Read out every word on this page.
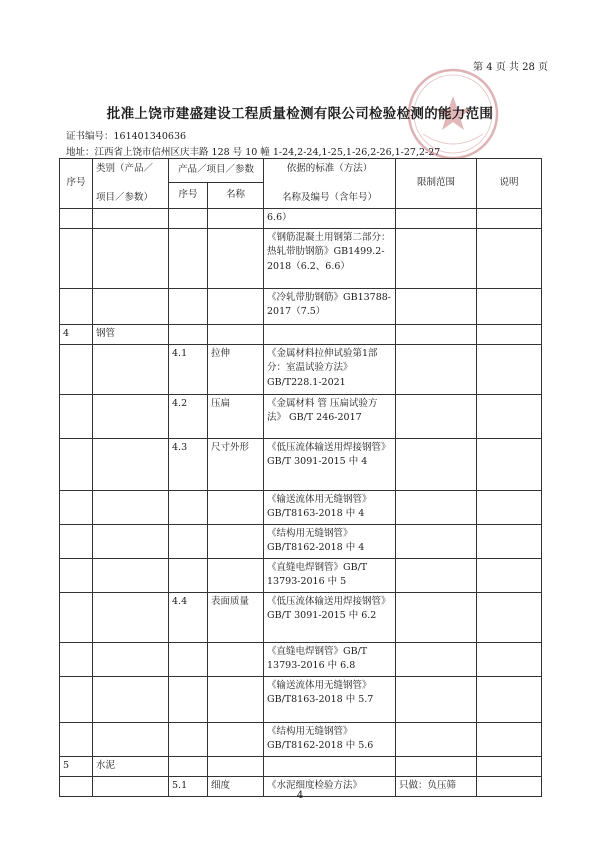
第 4 页 共 28 页
批准上饶市建盛建设工程质量检测有限公司检验检测的能力范围
证书编号：161401340636
地址：江西省上饶市信州区庆丰路 128 号 10 幢 1-24,2-24,1-25,1-26,2-26,1-27,2-27
序号	类别（产品／

项目／参数）	产品／项目／参数		依据的标准（方法）

名称及编号（含年号）	限制范围	说明
		序号	名称			
				6.6）		
				《钢筋混凝土用钢第二部分：热轧带肋钢筋》GB1499.2-2018（6.2、6.6）		
				《冷轧带肋钢筋》GB13788-2017（7.5）		
4	钢管					
		4.1	拉伸	《金属材料拉伸试验第1部分：室温试验方法》GB/T228.1-2021		
		4.2	压扁	《金属材料 管 压扁试验方法》 GB/T 246-2017		
		4.3	尺寸外形	《低压流体输送用焊接钢管》GB/T 3091-2015 中 4		
				《输送流体用无缝钢管》GB/T8163-2018 中 4		
				《结构用无缝钢管》GB/T8162-2018 中 4		
				《直缝电焊钢管》GB/T 13793-2016 中 5		
		4.4	表面质量	《低压流体输送用焊接钢管》GB/T 3091-2015 中 6.2		
				《直缝电焊钢管》GB/T 13793-2016 中 6.8		
				《输送流体用无缝钢管》GB/T8163-2018 中 5.7		
				《结构用无缝钢管》GB/T8162-2018 中 5.6		
5	水泥					
		5.1	细度	《水泥细度检验方法》	只做：负压筛	
4
